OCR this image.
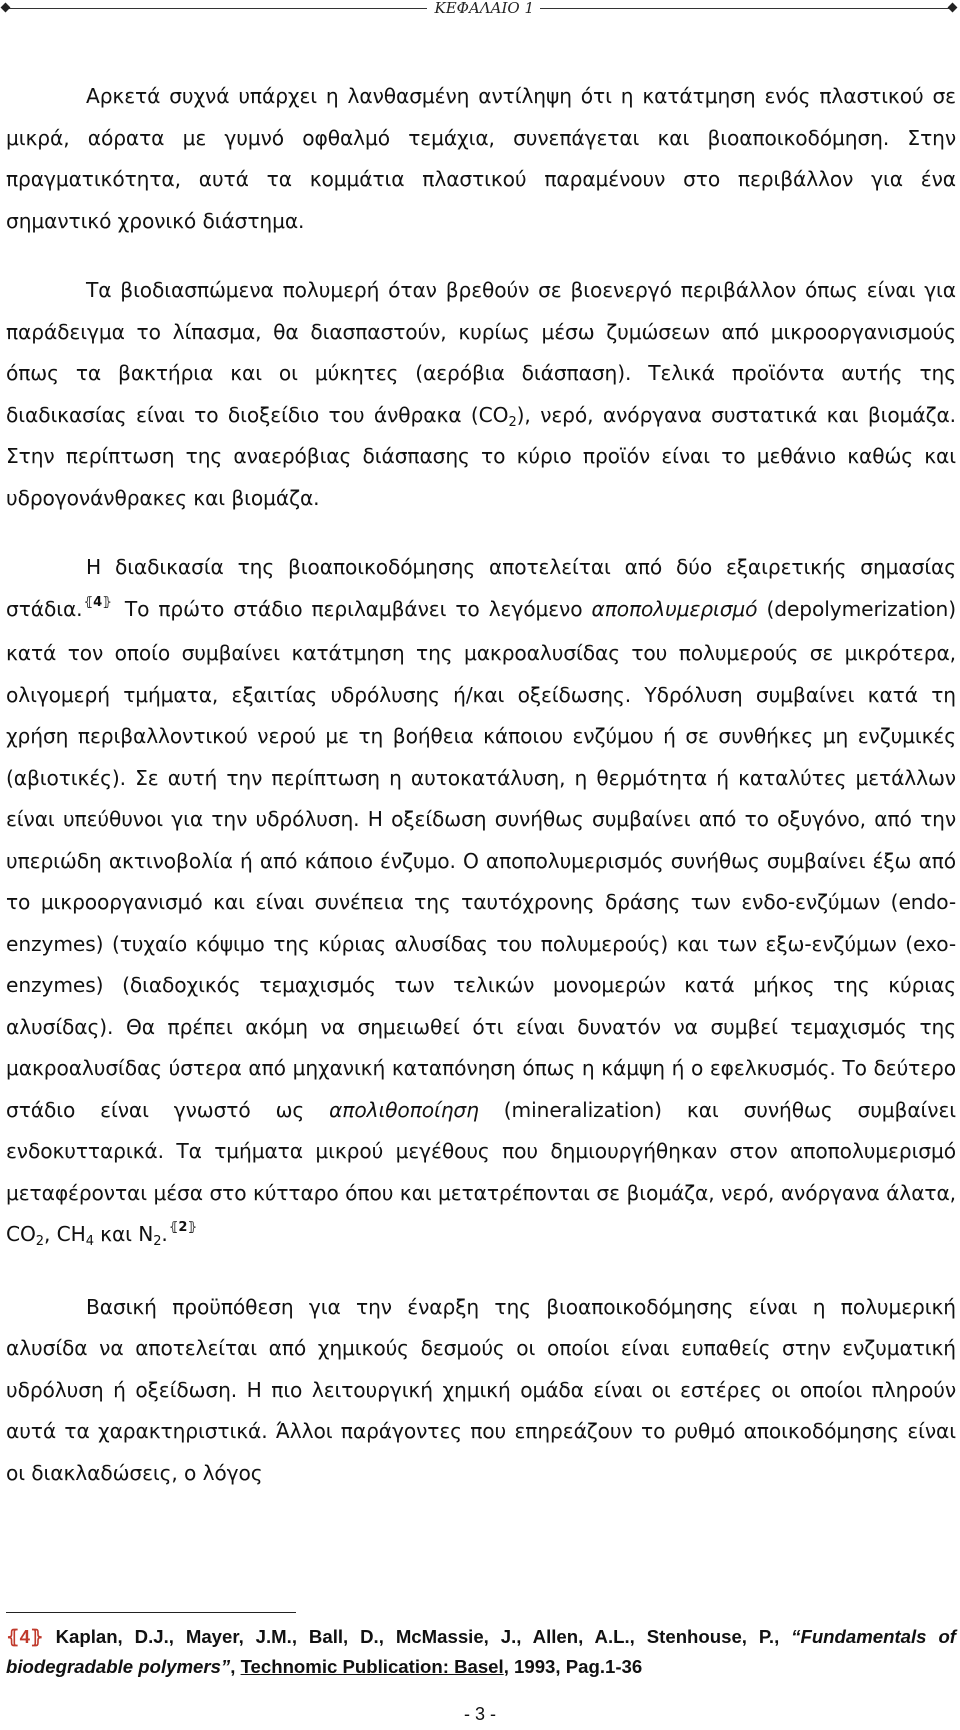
ΚΕΦΑΛΑΙΟ 1

Αρκετά συχνά υπάρχει η λανθασμένη αντίληψη ότι η κατάτμηση ενός πλαστικού σε μικρά, αόρατα με γυμνό οφθαλμό τεμάχια, συνεπάγεται και βιοαποικοδόμηση. Στην πραγματικότητα, αυτά τα κομμάτια πλαστικού παραμένουν στο περιβάλλον για ένα σημαντικό χρονικό διάστημα.

Τα βιοδιασπώμενα πολυμερή όταν βρεθούν σε βιοενεργό περιβάλλον όπως είναι για παράδειγμα το λίπασμα, θα διασπαστούν, κυρίως μέσω ζυμώσεων από μικροοργανισμούς όπως τα βακτήρια και οι μύκητες (αερόβια διάσπαση). Τελικά προϊόντα αυτής της διαδικασίας είναι το διοξείδιο του άνθρακα $(CO_2)$, νερό, ανόργανα συστατικά και βιομάζα. Στην περίπτωση της αναερόβιας διάσπασης το κύριο προϊόν είναι το μεθάνιο καθώς και υδρογονάνθρακες και βιομάζα.

Η διαδικασία της βιοαποικοδόμησης αποτελείται από δύο εξαιρετικής σημασίας στάδια.$^{⦃4⦄}$ Το πρώτο στάδιο περιλαμβάνει το λεγόμενο αποπολυμερισμό (depolymerization) κατά τον οποίο συμβαίνει κατάτμηση της μακροαλυσίδας του πολυμερούς σε μικρότερα, ολιγομερή τμήματα, εξαιτίας υδρόλυσης ή/και οξείδωσης. Υδρόλυση συμβαίνει κατά τη χρήση περιβαλλοντικού νερού με τη βοήθεια κάποιου ενζύμου ή σε συνθήκες μη ενζυμικές (αβιοτικές). Σε αυτή την περίπτωση η αυτοκατάλυση, η θερμότητα ή καταλύτες μετάλλων είναι υπεύθυνοι για την υδρόλυση. Η οξείδωση συνήθως συμβαίνει από το οξυγόνο, από την υπεριώδη ακτινοβολία ή από κάποιο ένζυμο. Ο αποπολυμερισμός συνήθως συμβαίνει έξω από το μικροοργανισμό και είναι συνέπεια της ταυτόχρονης δράσης των ενδο-ενζύμων (endo-enzymes) (τυχαίο κόψιμο της κύριας αλυσίδας του πολυμερούς) και των εξω-ενζύμων (exo-enzymes) (διαδοχικός τεμαχισμός των τελικών μονομερών κατά μήκος της κύριας αλυσίδας). Θα πρέπει ακόμη να σημειωθεί ότι είναι δυνατόν να συμβεί τεμαχισμός της μακροαλυσίδας ύστερα από μηχανική καταπόνηση όπως η κάμψη ή ο εφελκυσμός. Το δεύτερο στάδιο είναι γνωστό ως απολιθοποίηση (mineralization) και συνήθως συμβαίνει ενδοκυτταρικά. Τα τμήματα μικρού μεγέθους που δημιουργήθηκαν στον αποπολυμερισμό μεταφέρονται μέσα στο κύτταρο όπου και μετατρέπονται σε βιομάζα, νερό, ανόργανα άλατα, $CO_2$, $CH_4$ και $N_2.^{⦃2⦄}$

Βασική προϋπόθεση για την έναρξη της βιοαποικοδόμησης είναι η πολυμερική αλυσίδα να αποτελείται από χημικούς δεσμούς οι οποίοι είναι ευπαθείς στην ενζυματική υδρόλυση ή οξείδωση. Η πιο λειτουργική χημική ομάδα είναι οι εστέρες οι οποίοι πληρούν αυτά τα χαρακτηριστικά. Άλλοι παράγοντες που επηρεάζουν το ρυθμό αποικοδόμησης είναι οι διακλαδώσεις, ο λόγος

⦃4⦄ Kaplan, D.J., Mayer, J.M., Ball, D., McMassie, J., Allen, A.L., Stenhouse, P., “Fundamentals of biodegradable polymers”, Technomic Publication: Basel, 1993, Pag.1-36
- 3 -
